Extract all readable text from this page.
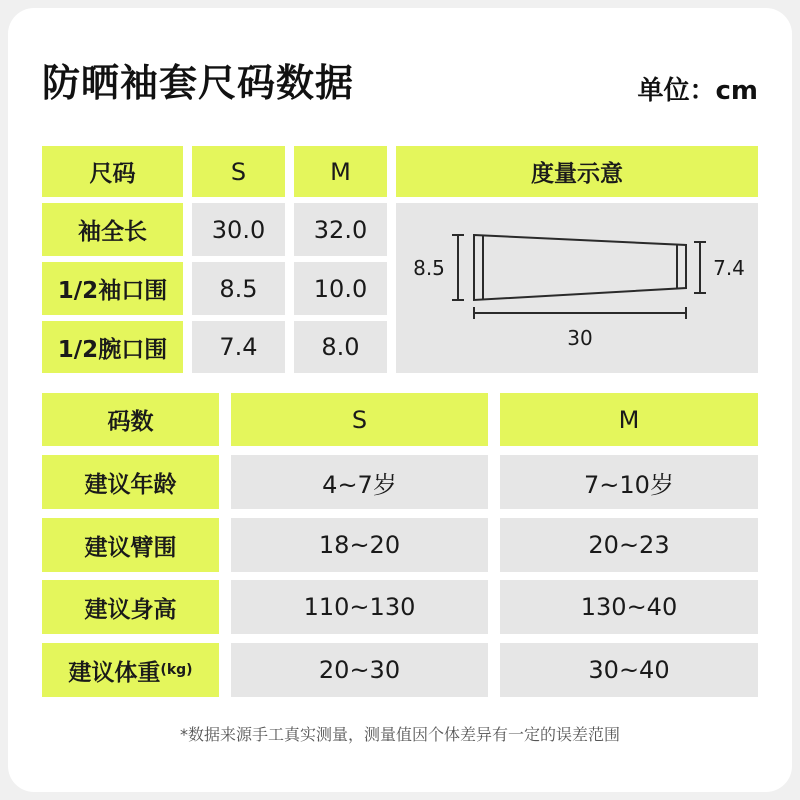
防晒袖套尺码数据	单位：cm
尺码	S	M
袖全长	30.0	32.0
1/2袖口围	8.5	10.0
1/2腕口围	7.4	8.0
度量示意
8.5	7.4
30
码数	S	M
建议年龄	4~7岁	7~10岁
建议臂围	18~20	20~23
建议身高	110~130	130~40
建议体重 (kg)	20~30	30~40
*数据来源手工真实测量，测量值因个体差异有一定的误差范围
